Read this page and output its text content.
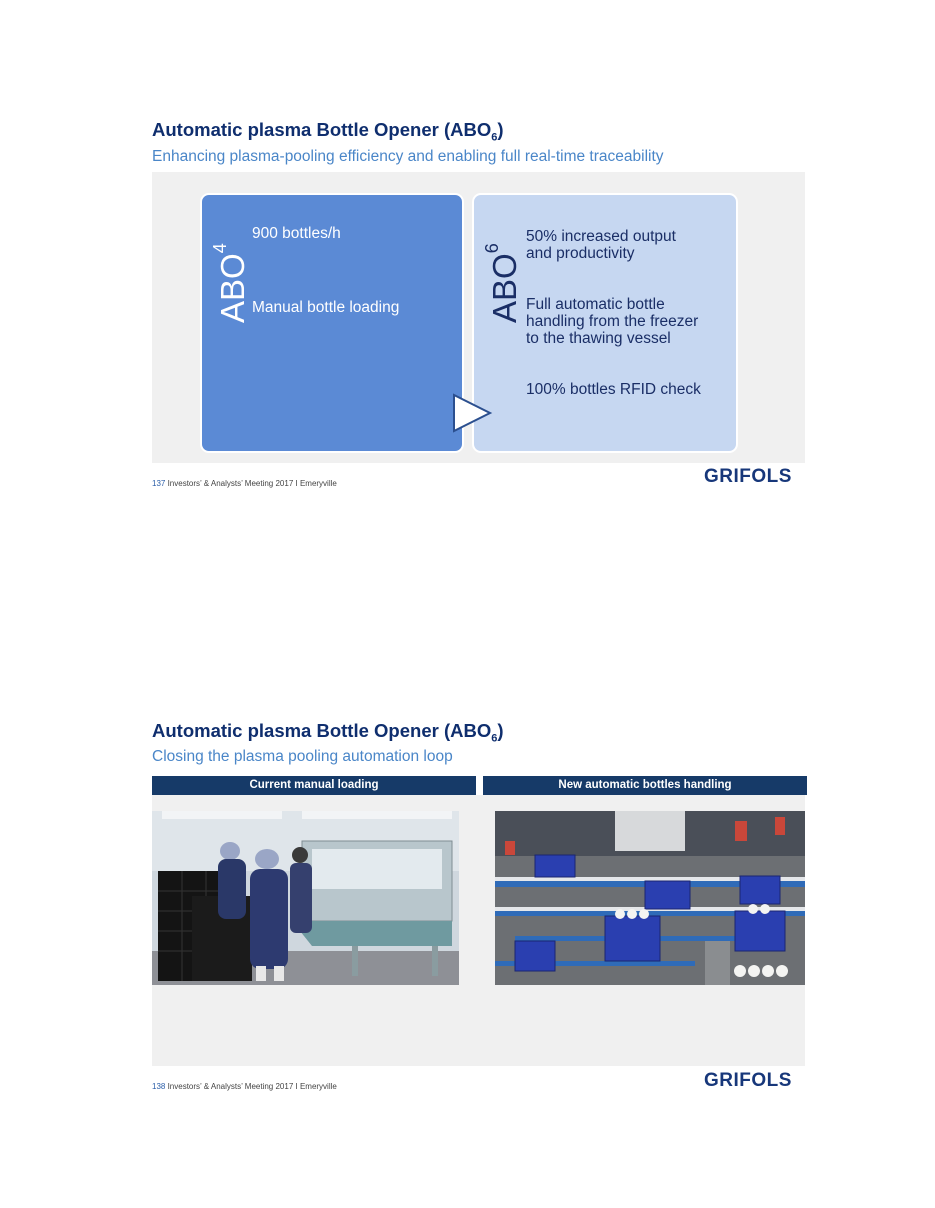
Automatic plasma Bottle Opener $(ABO_6)$
Enhancing plasma-pooling efficiency and enabling full real-time traceability
ABO$^4$
900 bottles/h
Manual bottle loading	ABO$^6$
50% increased output
and productivity
Full automatic bottle
handling from the freezer
to the thawing vessel
100% bottles RFID check
137 Investors’ & Analysts’ Meeting 2017 I Emeryville	GRIFOLS
Automatic plasma Bottle Opener $(ABO_6)$
Closing the plasma pooling automation loop
Current manual loading	New automatic bottles handling
138 Investors’ & Analysts’ Meeting 2017 I Emeryville	GRIFOLS
